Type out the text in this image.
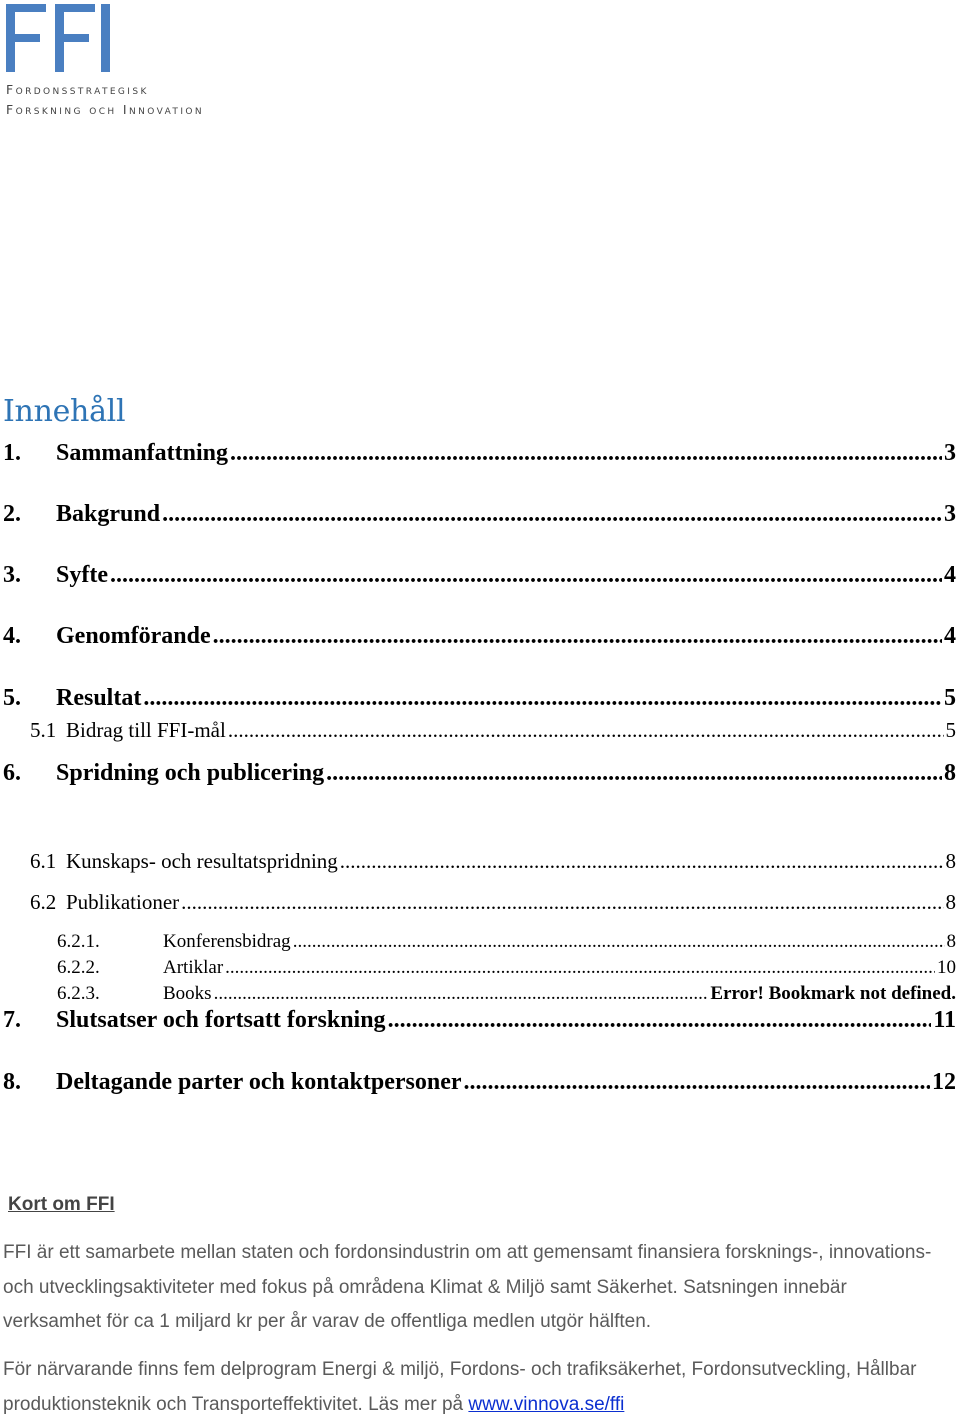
Fordonsstrategisk
Forskning och Innovation
Innehåll
1.	Sammanfattning .....	3
2.	Bakgrund .....	3
3.	Syfte .....	4
4.	Genomförande .....	4
5.	Resultat .....	5
5.1 Bidrag till FFI-mål .....	5
6.	Spridning och publicering .....	8
6.1 Kunskaps- och resultatspridning .....	8
6.2 Publikationer .....	8
6.2.1.	Konferensbidrag .....	8
6.2.2.	Artiklar .....	10
6.2.3.	Books .....	Error! Bookmark not defined.
7.	Slutsatser och fortsatt forskning .....	11
8.	Deltagande parter och kontaktpersoner .....	12
Kort om FFI

FFI är ett samarbete mellan staten och fordonsindustrin om att gemensamt finansiera forsknings-, innovations- och utvecklingsaktiviteter med fokus på områdena Klimat & Miljö samt Säkerhet. Satsningen innebär verksamhet för ca 1 miljard kr per år varav de offentliga medlen utgör hälften.

För närvarande finns fem delprogram Energi & miljö, Fordons- och trafiksäkerhet, Fordonsutveckling, Hållbar produktionsteknik och Transporteffektivitet. Läs mer på www.vinnova.se/ffi
